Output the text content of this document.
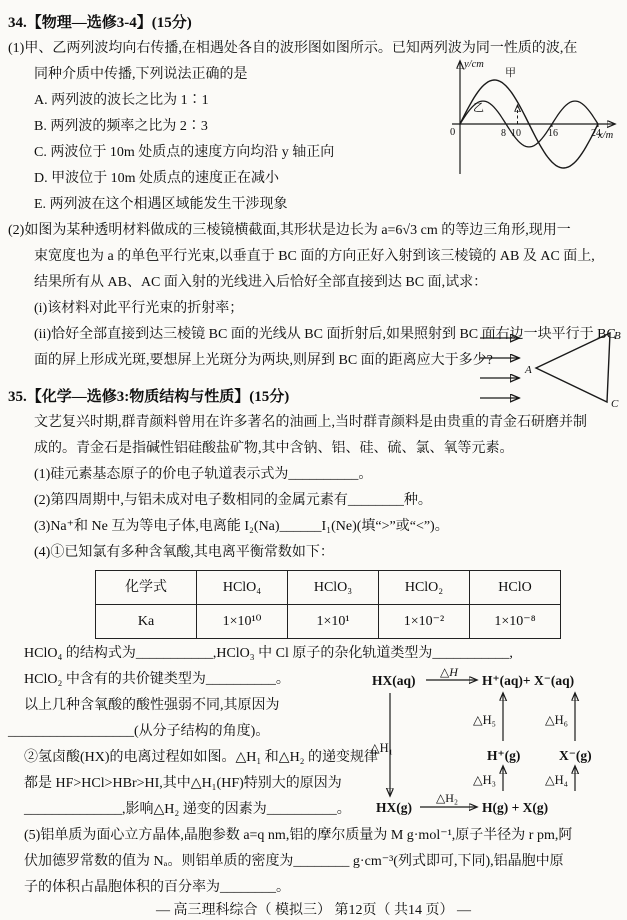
34.【物理—选修3-4】(15分)
(1)甲、乙两列波均向右传播,在相遇处各自的波形图如图所示。已知两列波为同一性质的波,在
同种介质中传播,下列说法正确的是
A. 两列波的波长之比为 1∶1
B. 两列波的频率之比为 2∶3
C. 两波位于 10m 处质点的速度方向均沿 y 轴正向
D. 甲波位于 10m 处质点的速度正在减小
E. 两列波在这个相遇区域能发生干涉现象
(2)如图为某种透明材料做成的三棱镜横截面,其形状是边长为 a=6√3 cm 的等边三角形,现用一
束宽度也为 a 的单色平行光束,以垂直于 BC 面的方向正好入射到该三棱镜的 AB 及 AC 面上,
结果所有从 AB、AC 面入射的光线进入后恰好全部直接到达 BC 面,试求：
(i)该材料对此平行光束的折射率；
(ii)恰好全部直接到达三棱镜 BC 面的光线从 BC 面折射后,如果照射到 BC 面右边一块平行于 BC
面的屏上形成光斑,要想屏上光斑分为两块,则屏到 BC 面的距离应大于多少?
35.【化学—选修3:物质结构与性质】(15分)
文艺复兴时期,群青颜料曾用在许多著名的油画上,当时群青颜料是由贵重的青金石研磨并制
成的。青金石是指碱性铝硅酸盐矿物,其中含钠、铝、硅、硫、氯、氧等元素。
(1)硅元素基态原子的价电子轨道表示式为__________。
(2)第四周期中,与铝未成对电子数相同的金属元素有________种。
(3)Na⁺和 Ne 互为等电子体,电离能 I₂(Na)______I₁(Ne)(填“>”或“<”)。
(4)①已知氯有多种含氧酸,其电离平衡常数如下：
化学式	HClO₄	HClO₃	HClO₂	HClO
Ka	1×10¹⁰	1×10¹	1×10⁻²	1×10⁻⁸
HClO₄ 的结构式为___________,HClO₃ 中 Cl 原子的杂化轨道类型为___________,
HClO₂ 中含有的共价键类型为__________。
以上几种含氧酸的酸性强弱不同,其原因为
__________________(从分子结构的角度)。
②氢卤酸(HX)的电离过程如如图。△H₁ 和△H₂ 的递变规律
都是 HF>HCl>HBr>HI,其中△H₁(HF)特别大的原因为
______________,影响△H₂ 递变的因素为__________。
(5)铝单质为面心立方晶体,晶胞参数 a=q nm,铝的摩尔质量为 M g·mol⁻¹,原子半径为 r pm,阿
伏加德罗常数的值为 Nₐ。则铝单质的密度为________ g·cm⁻³(列式即可,下同),铝晶胞中原
子的体积占晶胞体积的百分率为________。
— 高三理科综合（ 模拟三） 第12页（ 共14 页） —
y/cm
x/m
0	8 10	16	24
甲
乙
A
B
C
HX(aq)
△H
H⁺(aq)+ X⁻(aq)
△H₁
△H₅	△H₆
H⁺(g)	X⁻(g)
△H₃	△H₄
HX(g)
△H₂
H(g) + X(g)
